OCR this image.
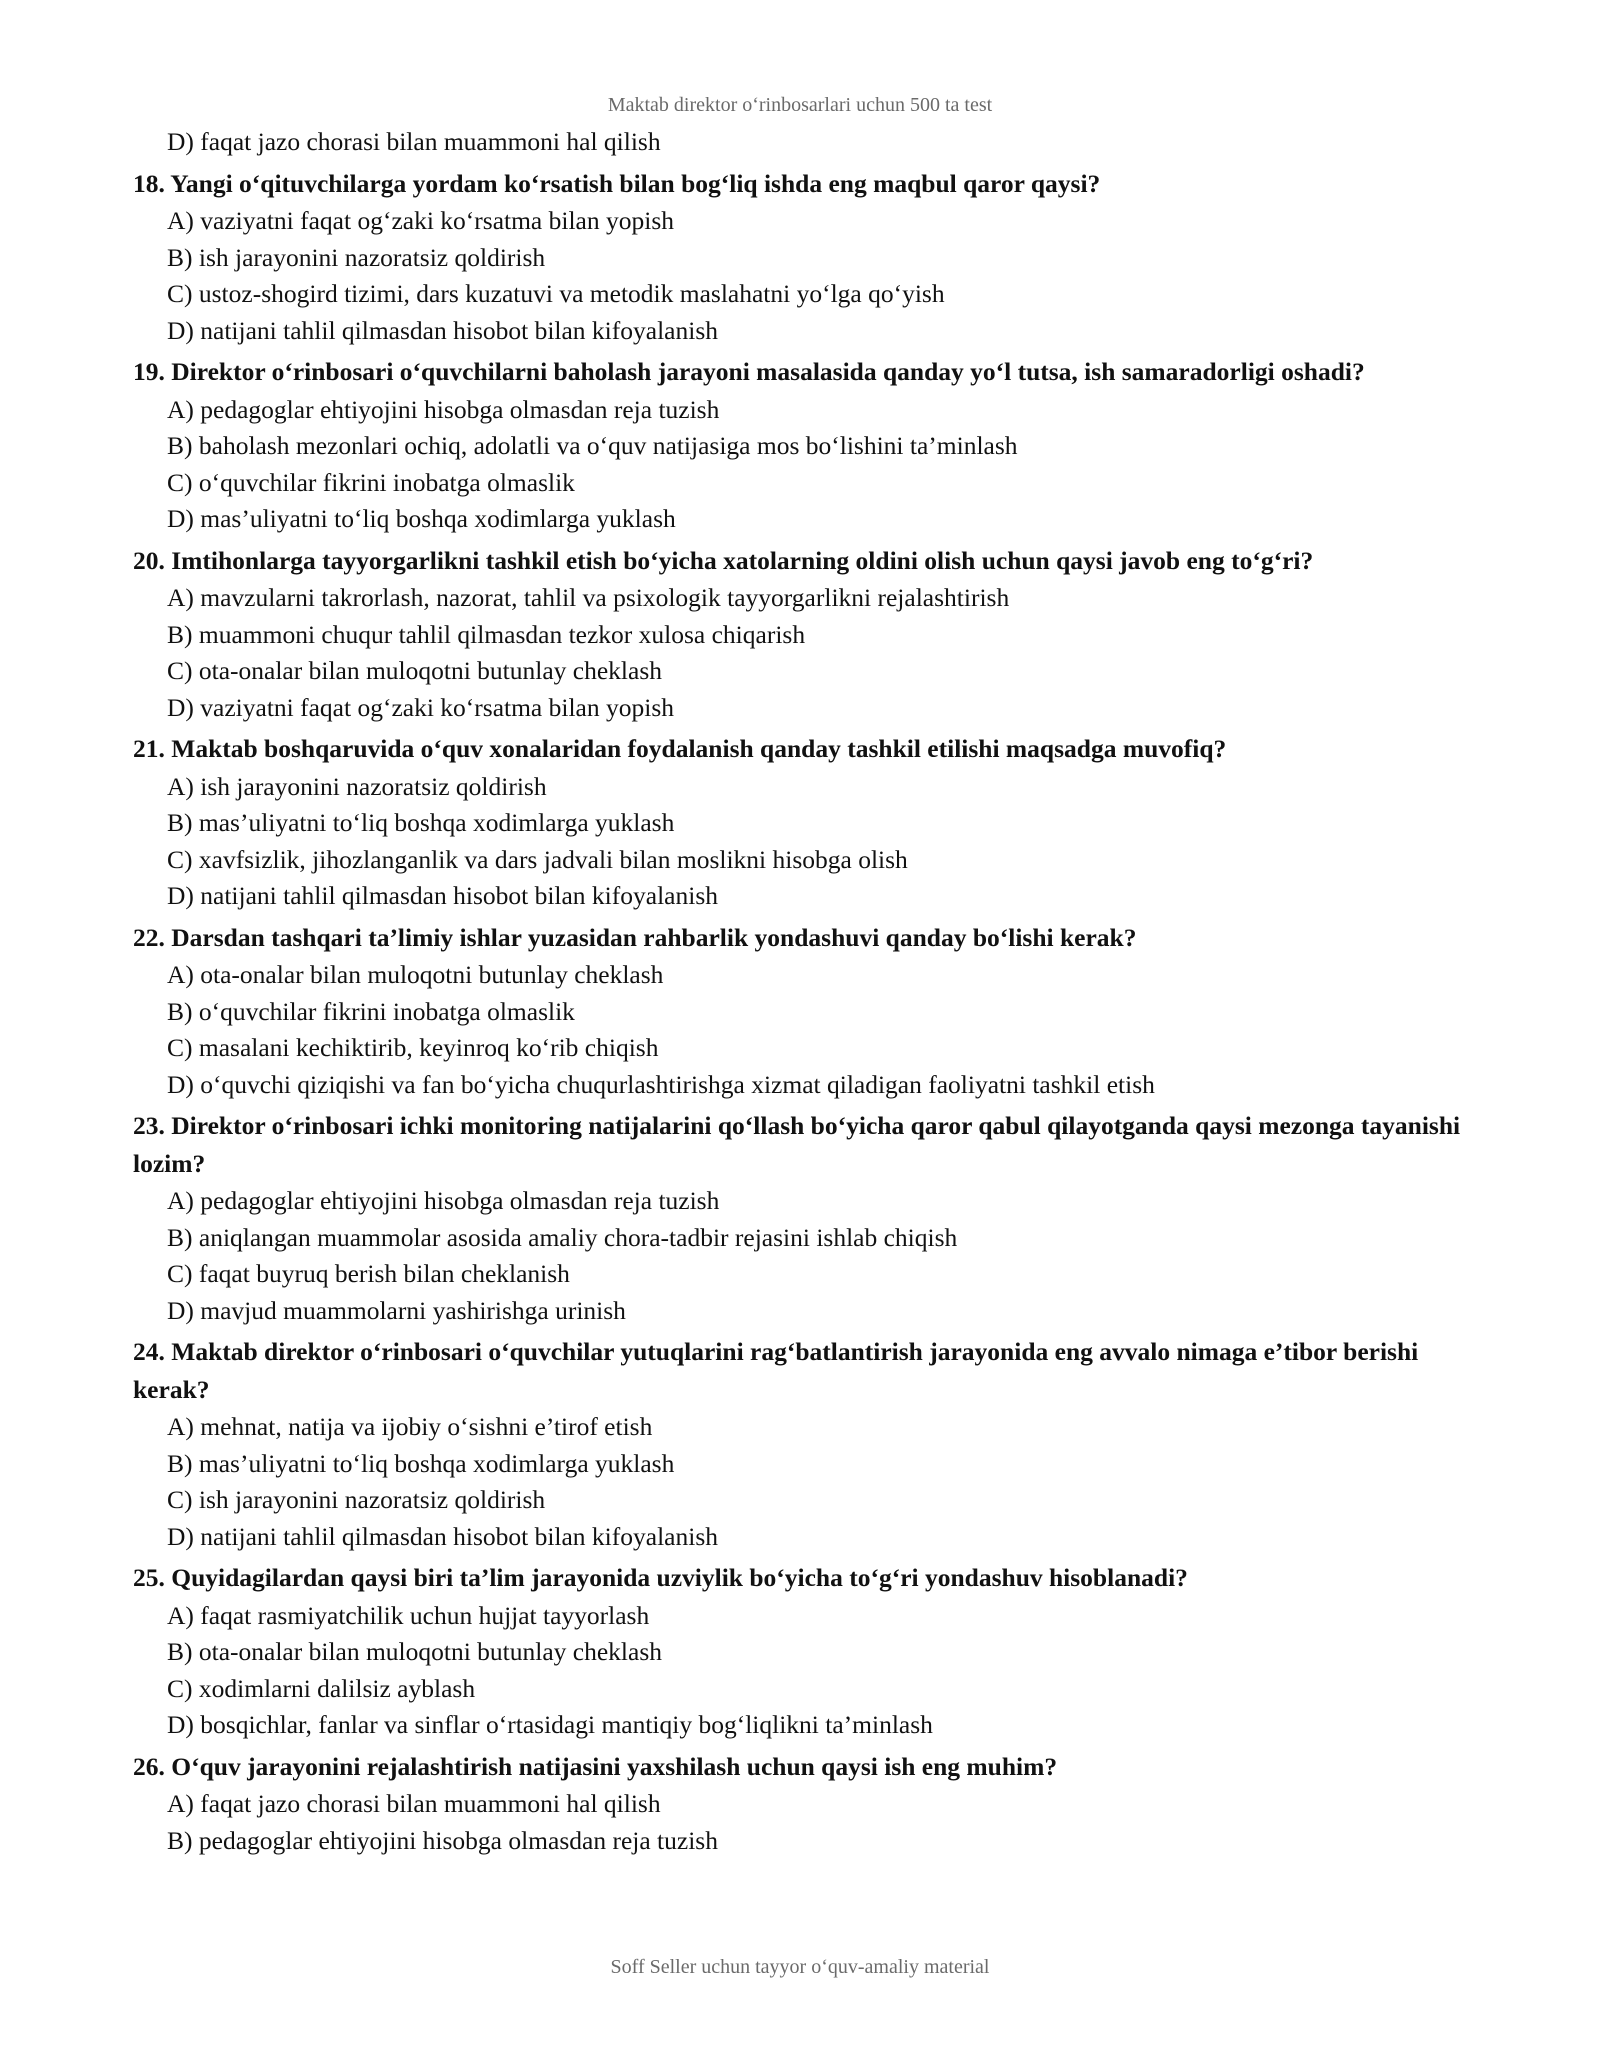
Maktab direktor o‘rinbosarlari uchun 500 ta test
D) faqat jazo chorasi bilan muammoni hal qilish
18. Yangi o‘qituvchilarga yordam ko‘rsatish bilan bog‘liq ishda eng maqbul qaror qaysi?
A) vaziyatni faqat og‘zaki ko‘rsatma bilan yopish
B) ish jarayonini nazoratsiz qoldirish
C) ustoz-shogird tizimi, dars kuzatuvi va metodik maslahatni yo‘lga qo‘yish
D) natijani tahlil qilmasdan hisobot bilan kifoyalanish
19. Direktor o‘rinbosari o‘quvchilarni baholash jarayoni masalasida qanday yo‘l tutsa, ish samaradorligi oshadi?
A) pedagoglar ehtiyojini hisobga olmasdan reja tuzish
B) baholash mezonlari ochiq, adolatli va o‘quv natijasiga mos bo‘lishini ta’minlash
C) o‘quvchilar fikrini inobatga olmaslik
D) mas’uliyatni to‘liq boshqa xodimlarga yuklash
20. Imtihonlarga tayyorgarlikni tashkil etish bo‘yicha xatolarning oldini olish uchun qaysi javob eng to‘g‘ri?
A) mavzularni takrorlash, nazorat, tahlil va psixologik tayyorgarlikni rejalashtirish
B) muammoni chuqur tahlil qilmasdan tezkor xulosa chiqarish
C) ota-onalar bilan muloqotni butunlay cheklash
D) vaziyatni faqat og‘zaki ko‘rsatma bilan yopish
21. Maktab boshqaruvida o‘quv xonalaridan foydalanish qanday tashkil etilishi maqsadga muvofiq?
A) ish jarayonini nazoratsiz qoldirish
B) mas’uliyatni to‘liq boshqa xodimlarga yuklash
C) xavfsizlik, jihozlanganlik va dars jadvali bilan moslikni hisobga olish
D) natijani tahlil qilmasdan hisobot bilan kifoyalanish
22. Darsdan tashqari ta’limiy ishlar yuzasidan rahbarlik yondashuvi qanday bo‘lishi kerak?
A) ota-onalar bilan muloqotni butunlay cheklash
B) o‘quvchilar fikrini inobatga olmaslik
C) masalani kechiktirib, keyinroq ko‘rib chiqish
D) o‘quvchi qiziqishi va fan bo‘yicha chuqurlashtirishga xizmat qiladigan faoliyatni tashkil etish
23. Direktor o‘rinbosari ichki monitoring natijalarini qo‘llash bo‘yicha qaror qabul qilayotganda qaysi mezonga tayanishi lozim?
A) pedagoglar ehtiyojini hisobga olmasdan reja tuzish
B) aniqlangan muammolar asosida amaliy chora-tadbir rejasini ishlab chiqish
C) faqat buyruq berish bilan cheklanish
D) mavjud muammolarni yashirishga urinish
24. Maktab direktor o‘rinbosari o‘quvchilar yutuqlarini rag‘batlantirish jarayonida eng avvalo nimaga e’tibor berishi kerak?
A) mehnat, natija va ijobiy o‘sishni e’tirof etish
B) mas’uliyatni to‘liq boshqa xodimlarga yuklash
C) ish jarayonini nazoratsiz qoldirish
D) natijani tahlil qilmasdan hisobot bilan kifoyalanish
25. Quyidagilardan qaysi biri ta’lim jarayonida uzviylik bo‘yicha to‘g‘ri yondashuv hisoblanadi?
A) faqat rasmiyatchilik uchun hujjat tayyorlash
B) ota-onalar bilan muloqotni butunlay cheklash
C) xodimlarni dalilsiz ayblash
D) bosqichlar, fanlar va sinflar o‘rtasidagi mantiqiy bog‘liqlikni ta’minlash
26. O‘quv jarayonini rejalashtirish natijasini yaxshilash uchun qaysi ish eng muhim?
A) faqat jazo chorasi bilan muammoni hal qilish
B) pedagoglar ehtiyojini hisobga olmasdan reja tuzish
Soff Seller uchun tayyor o‘quv-amaliy material
